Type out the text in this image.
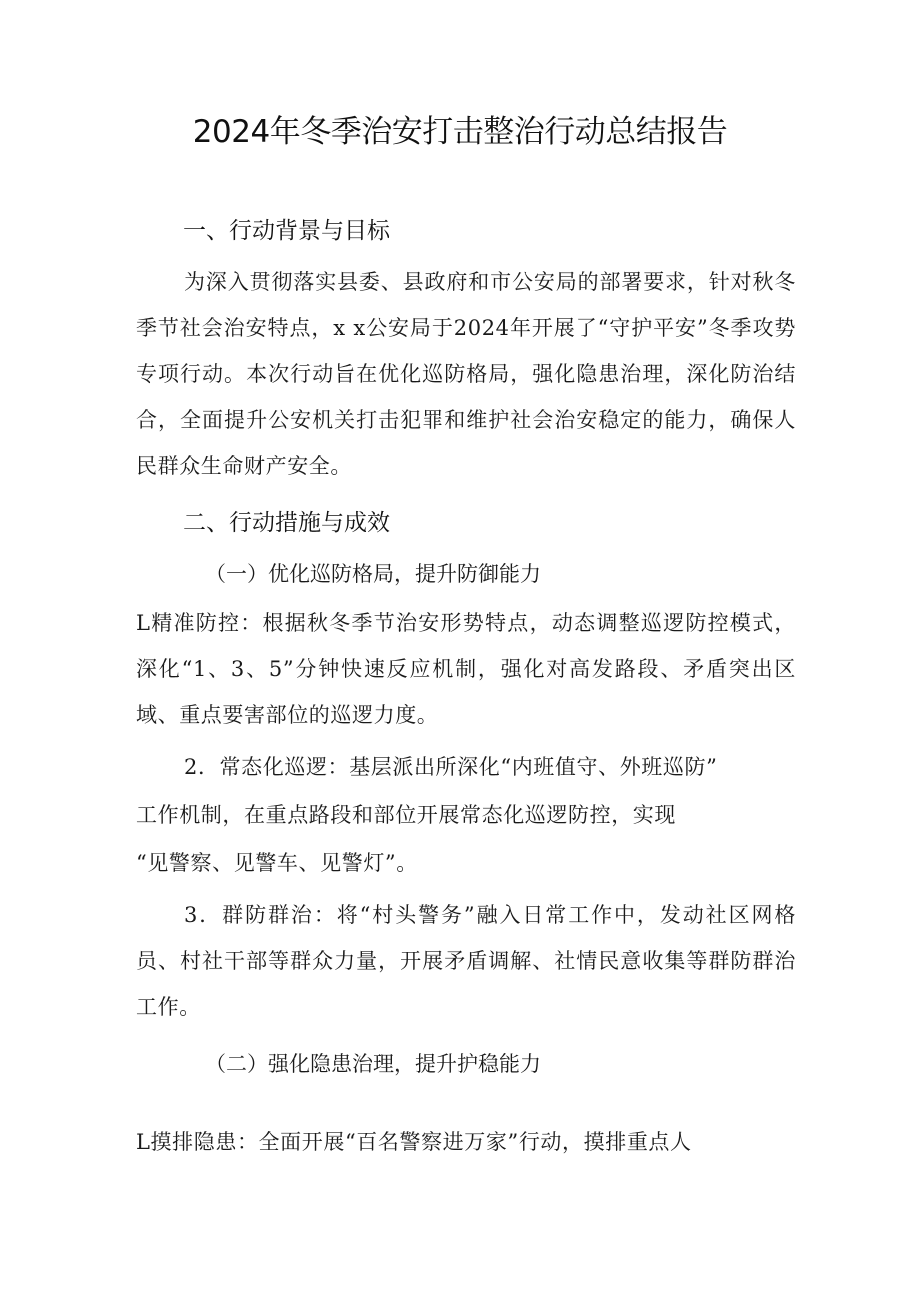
2024年冬季治安打击整治行动总结报告
一、行动背景与目标
为深入贯彻落实县委、县政府和市公安局的部署要求，针对秋冬季节社会治安特点，x x公安局于2024年开展了“守护平安”冬季攻势专项行动。本次行动旨在优化巡防格局，强化隐患治理，深化防治结合，全面提升公安机关打击犯罪和维护社会治安稳定的能力，确保人民群众生命财产安全。
二、行动措施与成效
（一）优化巡防格局，提升防御能力
L精准防控：根据秋冬季节治安形势特点，动态调整巡逻防控模式，深化“1、3、5”分钟快速反应机制，强化对高发路段、矛盾突出区域、重点要害部位的巡逻力度。
2．常态化巡逻：基层派出所深化“内班值守、外班巡防”
工作机制，在重点路段和部位开展常态化巡逻防控，实现
“见警察、见警车、见警灯”。
3．群防群治：将“村头警务”融入日常工作中，发动社区网格员、村社干部等群众力量，开展矛盾调解、社情民意收集等群防群治工作。
（二）强化隐患治理，提升护稳能力
L摸排隐患：全面开展“百名警察进万家”行动，摸排重点人
